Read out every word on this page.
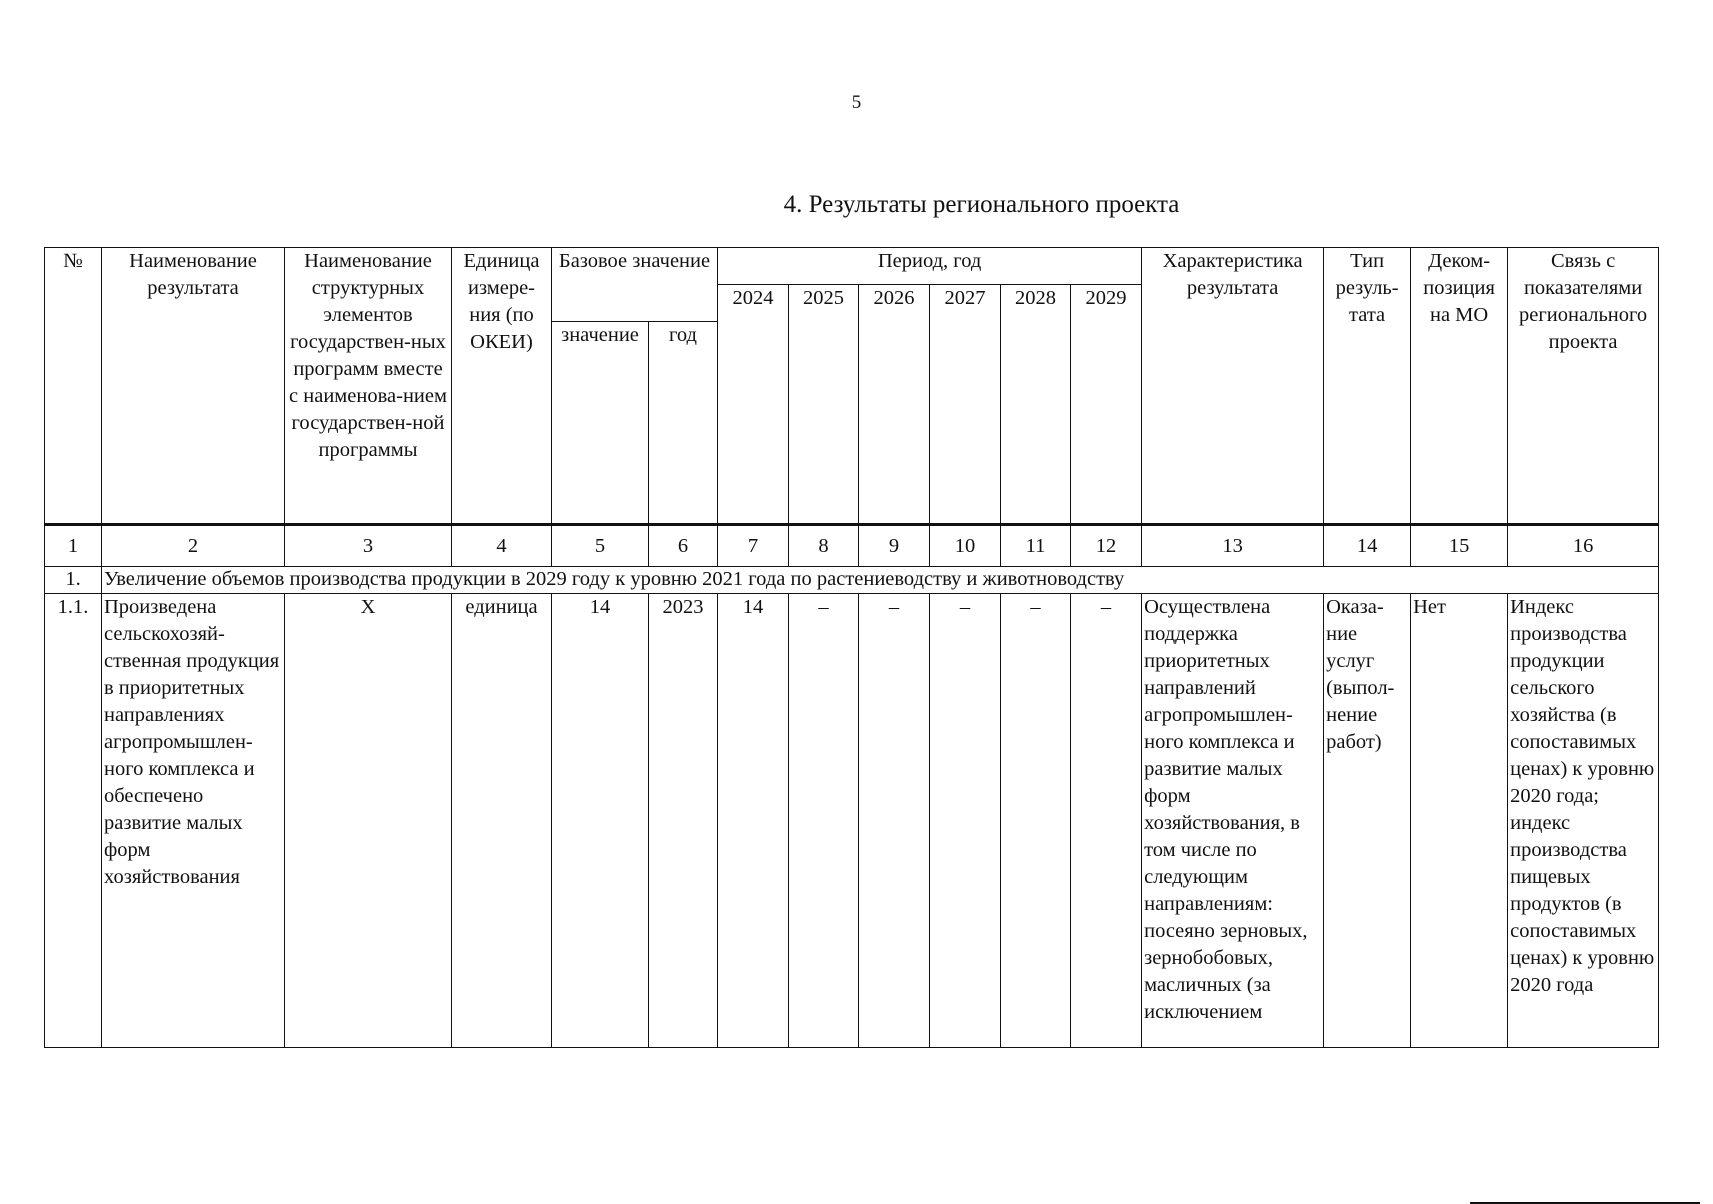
5
4. Результаты регионального проекта
№	Наименование результата	Наименование структурных элементов государствен-ных программ вместе с наименова-нием государствен-ной программы	Единица измере-ния (по ОКЕИ)	Базовое значение		Период, год						Характеристика результата	Тип резуль-тата	Деком-позиция на МО	Связь с показателями регионального проекта
						2024	2025	2026	2027	2028	2029				
				значение	год										
1	2	3	4	5	6	7	8	9	10	11	12	13	14	15	16
1.	Увеличение объемов производства продукции в 2029 году к уровню 2021 года по растениеводству и животноводству														
1.1.	Произведена сельскохозяй-ственная продукция в приоритетных направлениях агропромышлен-ного комплекса и обеспечено развитие малых форм хозяйствования	Х	единица	14	2023	14	–	–	–	–	–	Осуществлена поддержка приоритетных направлений агропромышлен-ного комплекса и развитие малых форм хозяйствования, в том числе по следующим направлениям: посеяно зерновых, зернобобовых, масличных (за исключением	Оказа-ние услуг (выпол-нение работ)	Нет	Индекс производства продукции сельского хозяйства (в сопоставимых ценах) к уровню 2020 года; индекс производства пищевых продуктов (в сопоставимых ценах) к уровню 2020 года
